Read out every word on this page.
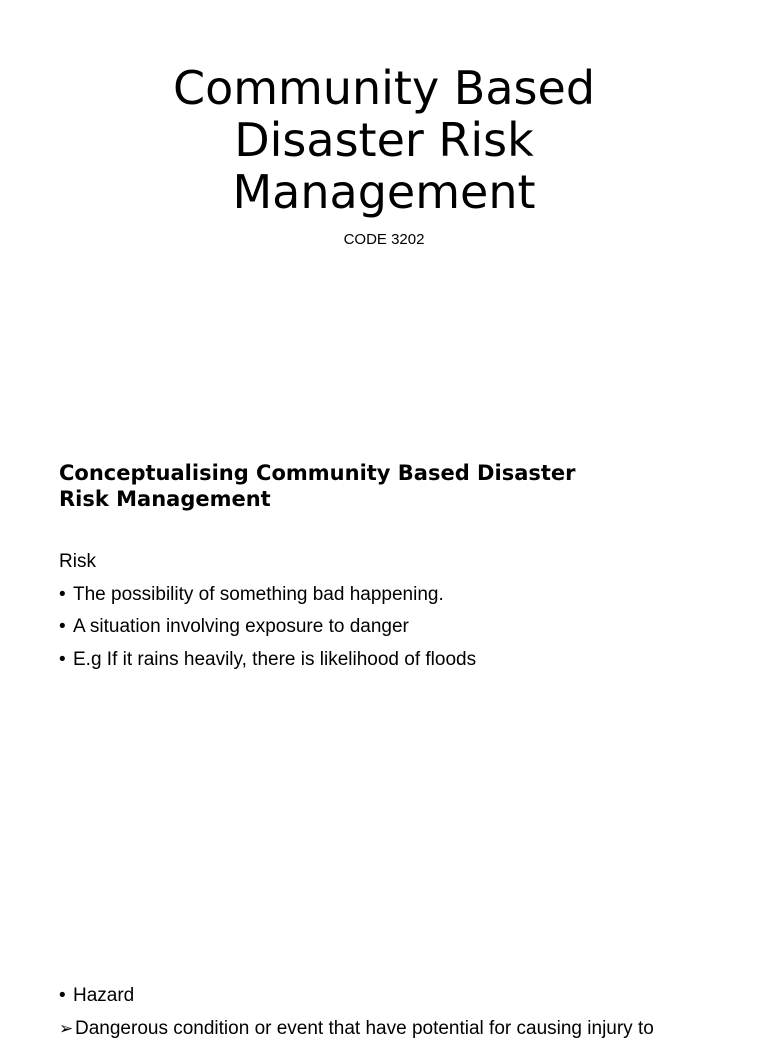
Community Based
Disaster Risk
Management
CODE 3202
Conceptualising Community Based Disaster
Risk Management
Risk
• The possibility of something bad happening.
• A situation involving exposure to danger
• E.g If it rains heavily, there is likelihood of floods
• Hazard
➢Dangerous condition or event that have potential for causing injury to
